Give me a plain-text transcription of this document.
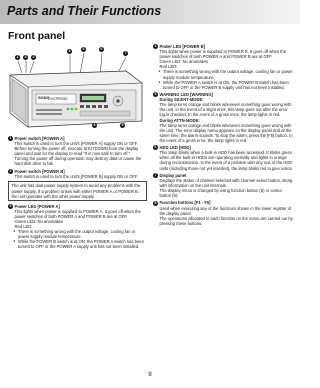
Parts and Their Functions
Front panel
SONY
DVCPRO50
1	3	2
4	5	6
7
8	9
1 Power switch [POWER A]
This switch is used to turn the unit's [POWER A] supply ON or OFF.
Before turning the power off, execute SHUTDOWN from the display panel and wait for the display to read "It is now safe to turn off."
Turning the power off during operation may destroy data or cause the hard disk drive to fail.
2 Power switch [POWER B]
This switch is used to turn the unit's [POWER B] supply ON or OFF.
The unit has dual power supply system to avoid any problems with the power supply. If a problem arises with either POWER A or POWER B, the unit operates with the other power supply.
3 Power LED [POWER A]
This lights when power is supplied to POWER A. It goes off when the power switches of both POWER A and POWER B are at OFF.
Green LED: No anomalies
Red LED:
● There is something wrong with the output voltage, cooling fan or power supply module temperature.
● While the POWER B switch is at ON, the POWER A switch has been turned to OFF or the POWER A supply unit has not been installed.
4 Power LED [POWER B]
This lights when power is supplied to POWER B. It goes off when the power switches of both POWER A and POWER B are at OFF.
Green LED: No anomalies
Red LED:
● There is something wrong with the output voltage, cooling fan or power supply module temperature.
● While the POWER A switch is at ON, the POWER B switch has been turned to OFF or the POWER B supply unit has not been installed.
5 WARNING LED [WARNING]
During SILENT-MODE:
The lamp turns orange and blinks whenever something goes wrong with the unit. In the event of a slight error, this lamp goes out after the error log is checked. In the event of a gross error, the lamp lights in red.
During ATTN-MODE:
The lamp turns orange and blinks whenever something goes wrong with the unit. The error display menu appears on the display panel and at the same time, the alarm sounds. To stop the alarm, press the [F5] button. In the event of a gross error, the lamp lights in red.
6 HDD LED [HDD]
This lamp blinks when a built-in HDD has been accessed. It blinks green when all the built-in HDDs are operating normally and lights in orange during reconstruction. In the event of a problem with any one of the HDD units (including those not yet inserted), the lamp blinks red to give notice.
7 Display panel
Displays the status of channel selected with channel select button, along with information on the unit internals.
The display menu is changed by using function button (8) or cursor button (9).
8 Function buttons [F1 - F5]
Used when executing any of the functions shown in the lower register of the display panel.
The operations allocated to each function on the menu are carried out by pressing these buttons.
8
